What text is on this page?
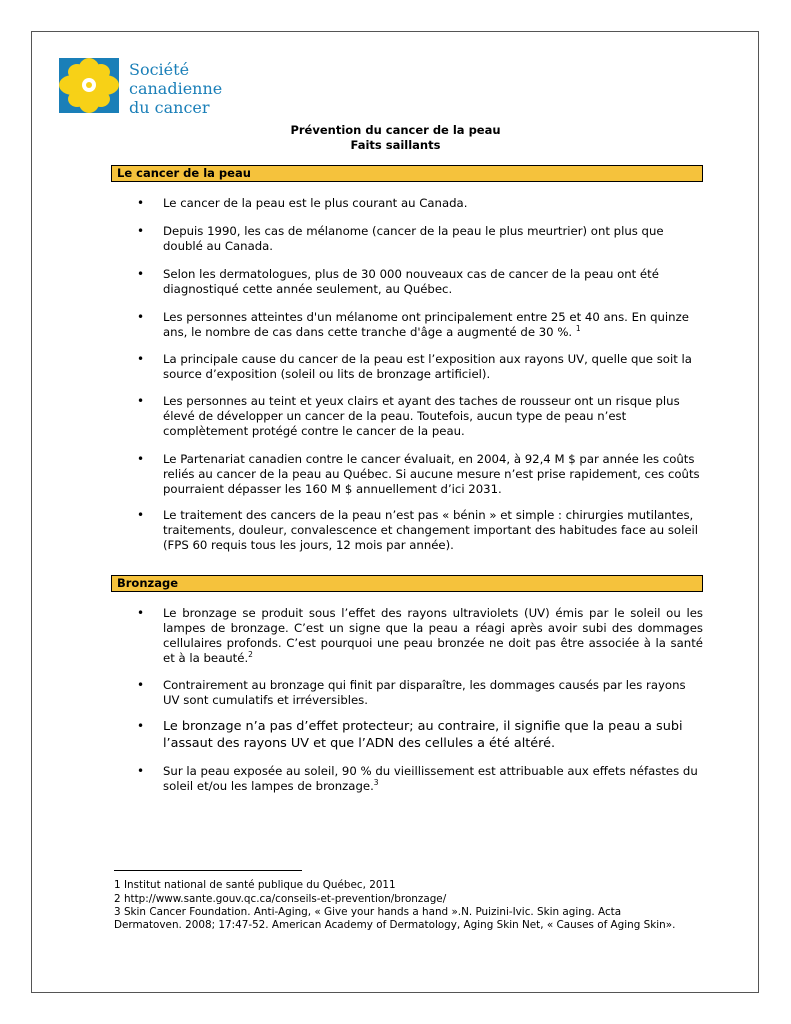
Société
canadienne
du cancer
Prévention du cancer de la peau
Faits saillants
Le cancer de la peau
• Le cancer de la peau est le plus courant au Canada.
• Depuis 1990, les cas de mélanome (cancer de la peau le plus meurtrier) ont plus que doublé au Canada.
• Selon les dermatologues, plus de 30 000 nouveaux cas de cancer de la peau ont été diagnostiqué cette année seulement, au Québec.
• Les personnes atteintes d'un mélanome ont principalement entre 25 et 40 ans. En quinze ans, le nombre de cas dans cette tranche d'âge a augmenté de 30 %. $^1$
• La principale cause du cancer de la peau est l’exposition aux rayons UV, quelle que soit la source d’exposition (soleil ou lits de bronzage artificiel).
• Les personnes au teint et yeux clairs et ayant des taches de rousseur ont un risque plus élevé de développer un cancer de la peau. Toutefois, aucun type de peau n’est complètement protégé contre le cancer de la peau.
• Le Partenariat canadien contre le cancer évaluait, en 2004, à 92,4 M $ par année les coûts reliés au cancer de la peau au Québec. Si aucune mesure n’est prise rapidement, ces coûts pourraient dépasser les 160 M $ annuellement d’ici 2031.
• Le traitement des cancers de la peau n’est pas « bénin » et simple : chirurgies mutilantes, traitements, douleur, convalescence et changement important des habitudes face au soleil (FPS 60 requis tous les jours, 12 mois par année).
Bronzage
• Le bronzage se produit sous l’effet des rayons ultraviolets (UV) émis par le soleil ou les lampes de bronzage. C’est un signe que la peau a réagi après avoir subi des dommages cellulaires profonds. C’est pourquoi une peau bronzée ne doit pas être associée à la santé et à la beauté.$^2$
• Contrairement au bronzage qui finit par disparaître, les dommages causés par les rayons UV sont cumulatifs et irréversibles.
• Le bronzage n’a pas d’effet protecteur; au contraire, il signifie que la peau a subi l’assaut des rayons UV et que l’ADN des cellules a été altéré.
• Sur la peau exposée au soleil, 90 % du vieillissement est attribuable aux effets néfastes du soleil et/ou les lampes de bronzage.$^3$
1 Institut national de santé publique du Québec, 2011
2 http://www.sante.gouv.qc.ca/conseils-et-prevention/bronzage/
3 Skin Cancer Foundation. Anti-Aging, « Give your hands a hand ».N. Puizini-Ivic. Skin aging. Acta
Dermatoven. 2008; 17:47-52. American Academy of Dermatology, Aging Skin Net, « Causes of Aging Skin».
